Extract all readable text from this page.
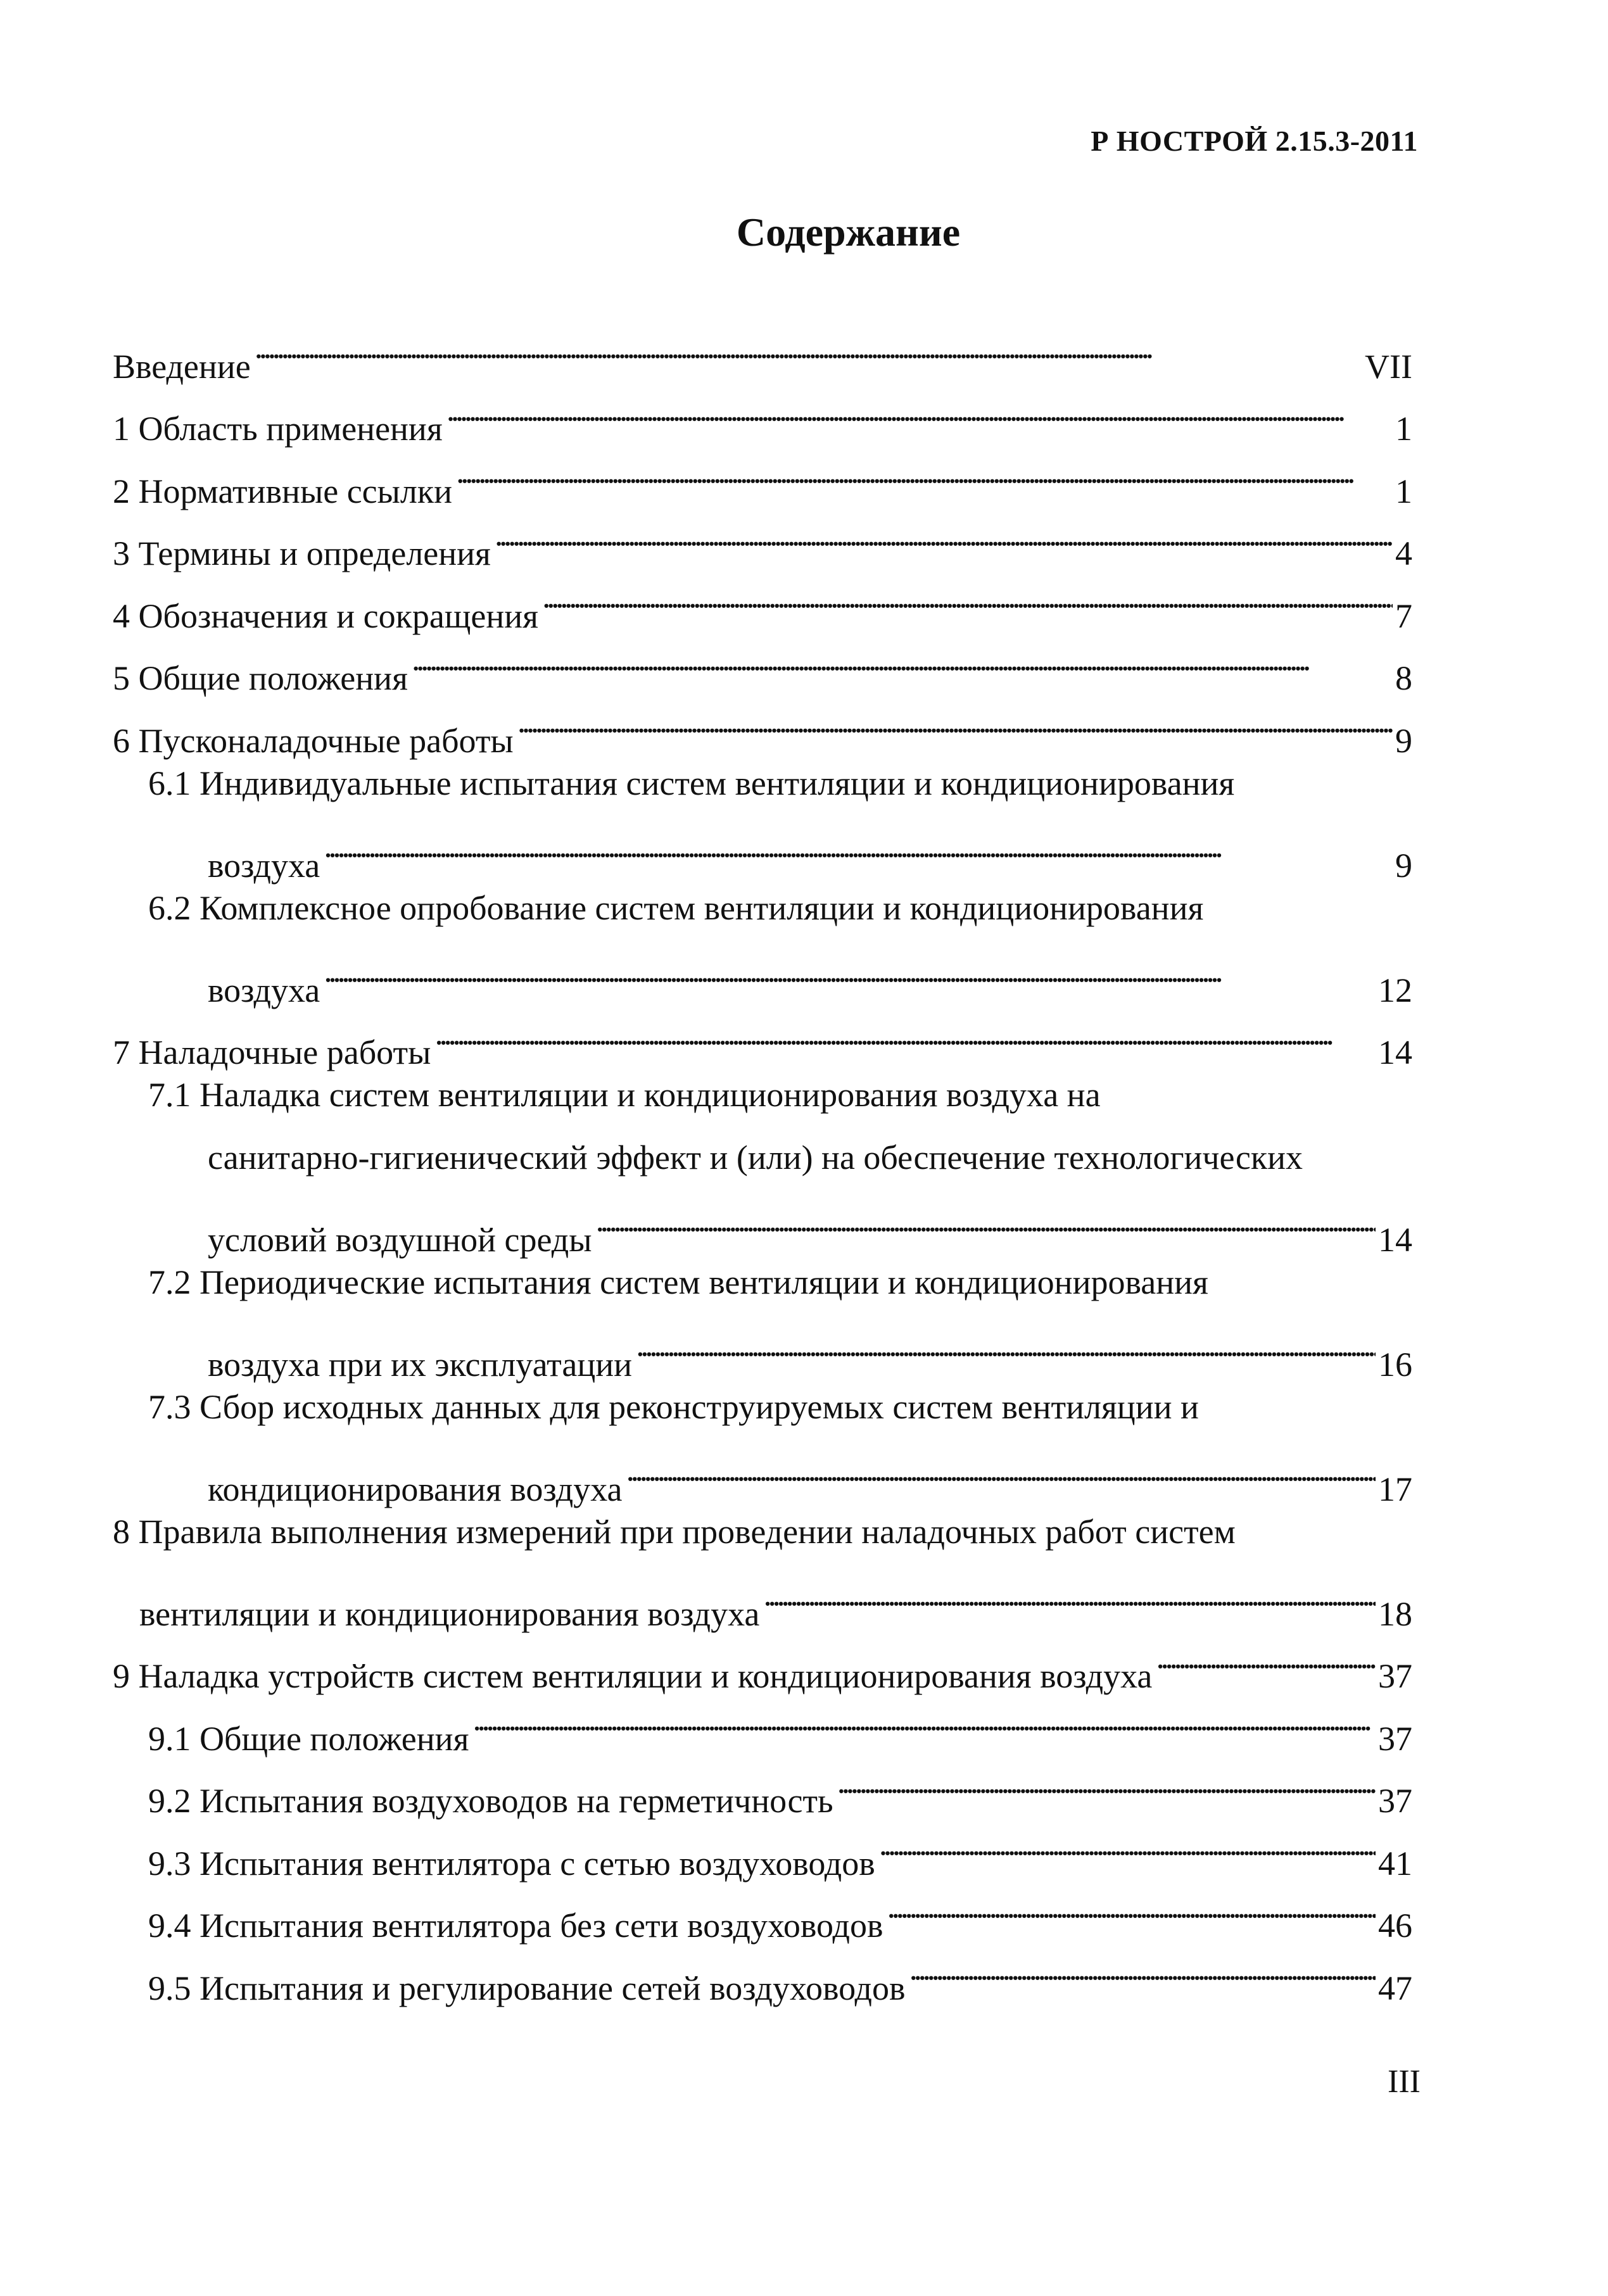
Р НОСТРОЙ 2.15.3-2011
Содержание
Введение . . .	VII
1 Область применения . . .	1
2 Нормативные ссылки . . .	1
3 Термины и определения . . .	4
4 Обозначения и сокращения . . .	7
5 Общие положения . . .	8
6 Пусконаладочные работы . . .	9
6.1 Индивидуальные испытания систем вентиляции и кондиционирования
воздуха . . .	9
6.2 Комплексное опробование систем вентиляции и кондиционирования
воздуха . . .	12
7 Наладочные работы . . .	14
7.1 Наладка систем вентиляции и кондиционирования воздуха на
санитарно-гигиенический эффект и (или) на обеспечение технологических
условий воздушной среды . . .	14
7.2 Периодические испытания систем вентиляции и кондиционирования
воздуха при их эксплуатации . . .	16
7.3 Сбор исходных данных для реконструируемых систем вентиляции и
кондиционирования воздуха . . .	17
8 Правила выполнения измерений при проведении наладочных работ систем
вентиляции и кондиционирования воздуха . . .	18
9 Наладка устройств систем вентиляции и кондиционирования воздуха . . .	37
9.1 Общие положения . . .	37
9.2 Испытания воздуховодов на герметичность . . .	37
9.3 Испытания вентилятора с сетью воздуховодов . . .	41
9.4 Испытания вентилятора без сети воздуховодов . . .	46
9.5 Испытания и регулирование сетей воздуховодов . . .	47
III
